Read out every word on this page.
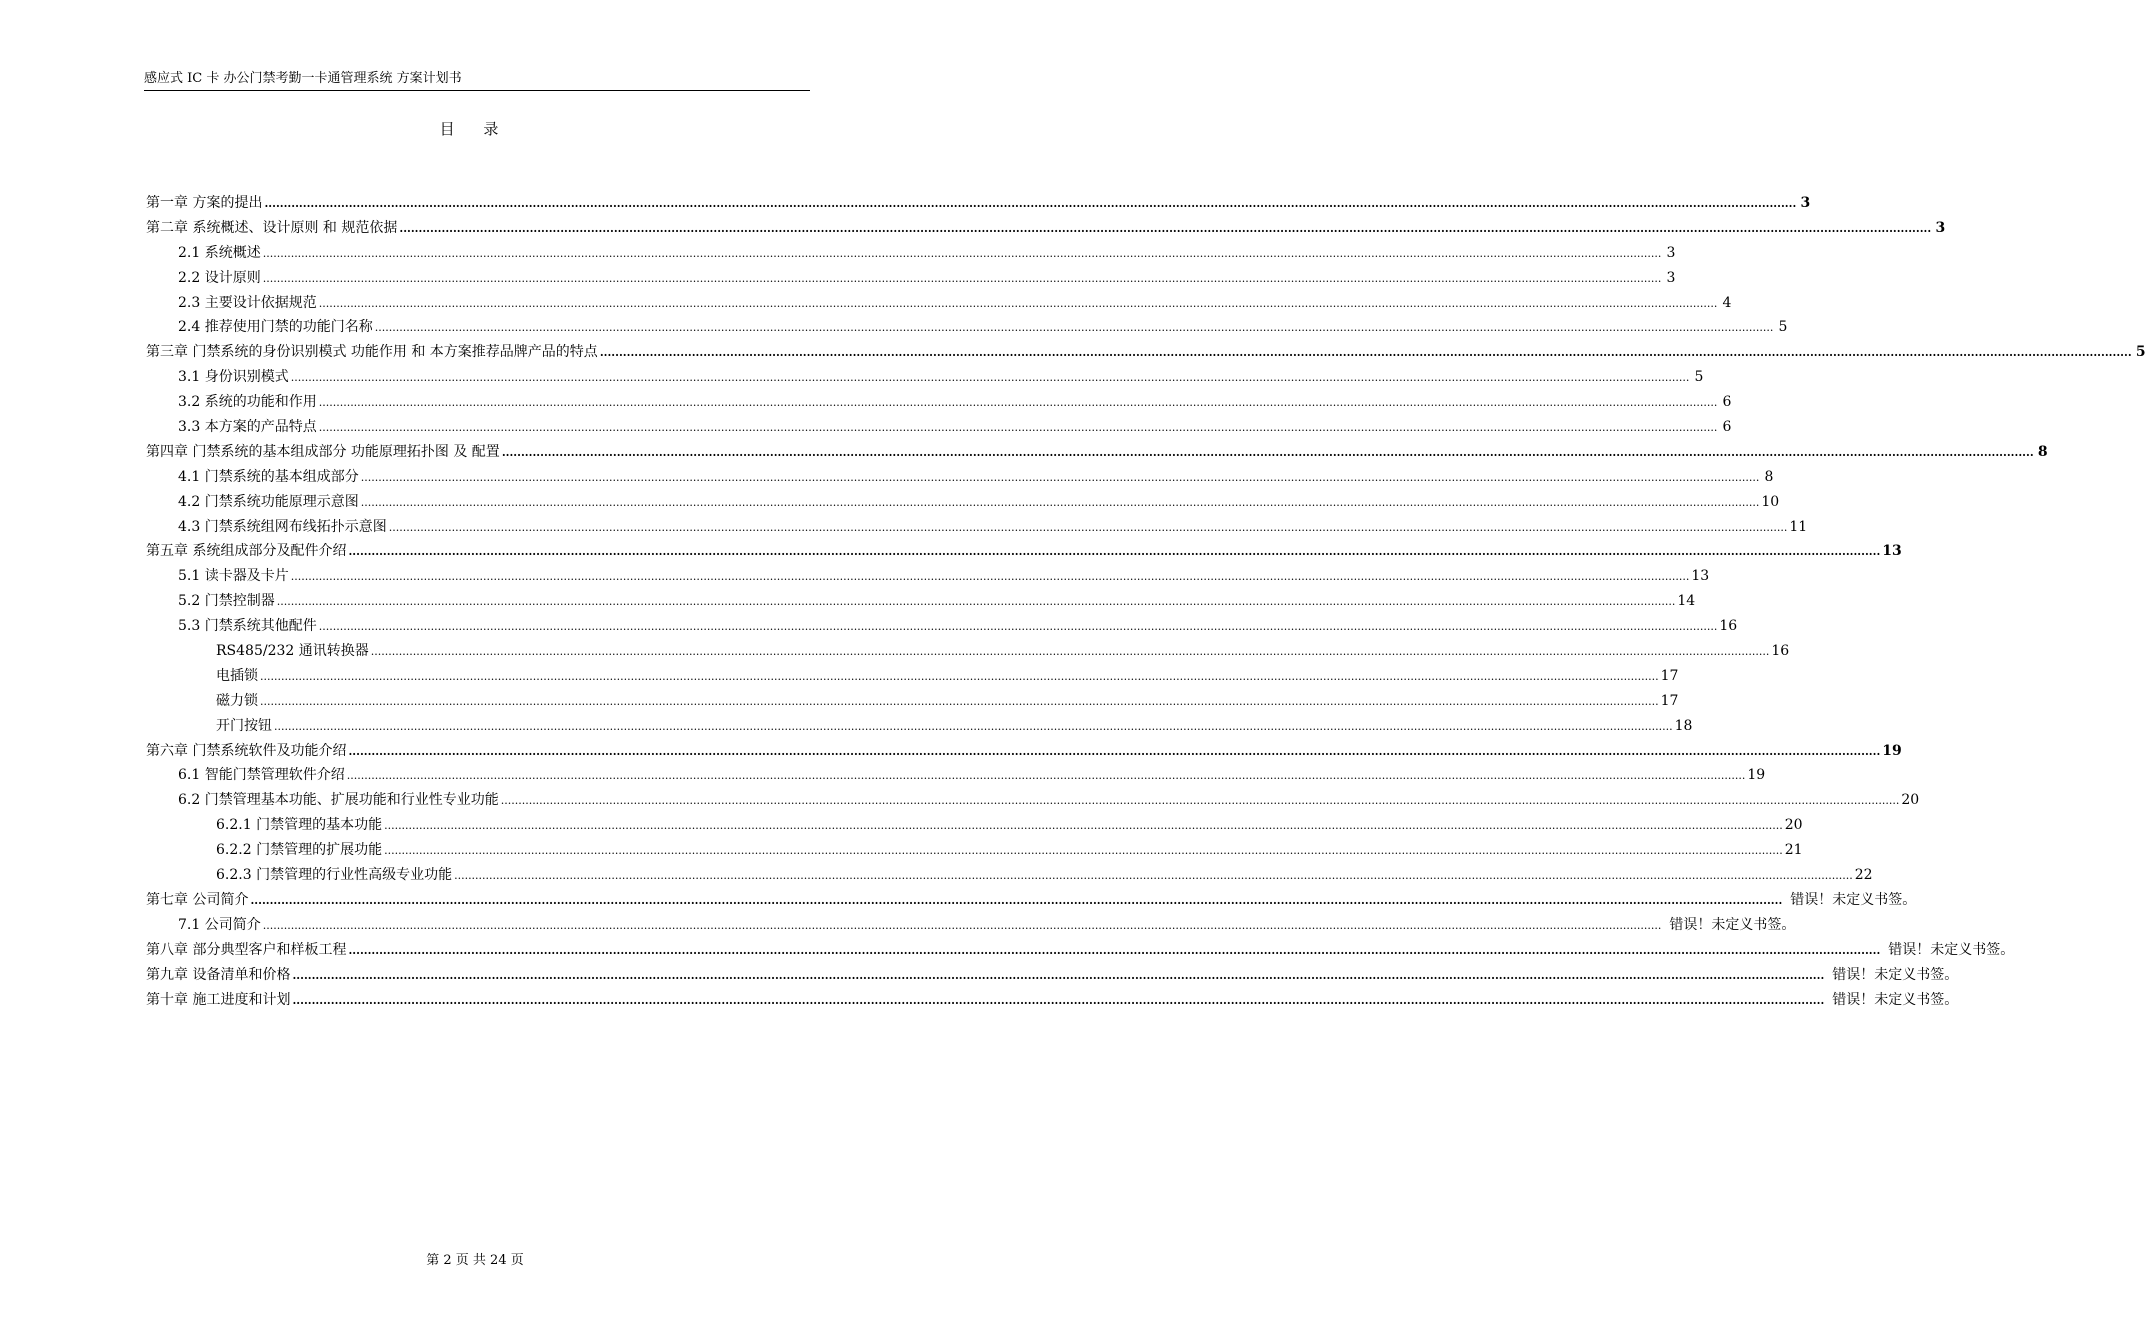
感应式 IC 卡 办公门禁考勤一卡通管理系统 方案计划书
目 录
第一章 方案的提出 ................................................................................................................................................................................................................................................................................................................................................................................................................ 3
第二章 系统概述、设计原则 和 规范依据 ................................................................................................................................................................................................................................................................................................................................................................................................................ 3
2.1 系统概述 ................................................................................................................................................................................................................................................................................................................................................................................................................ 3
2.2 设计原则 ................................................................................................................................................................................................................................................................................................................................................................................................................ 3
2.3 主要设计依据规范 ................................................................................................................................................................................................................................................................................................................................................................................................................ 4
2.4 推荐使用门禁的功能门名称 ................................................................................................................................................................................................................................................................................................................................................................................................................ 5
第三章 门禁系统的身份识别模式 功能作用 和 本方案推荐品牌产品的特点 ................................................................................................................................................................................................................................................................................................................................................................................................................ 5
3.1 身份识别模式 ................................................................................................................................................................................................................................................................................................................................................................................................................ 5
3.2 系统的功能和作用 ................................................................................................................................................................................................................................................................................................................................................................................................................ 6
3.3 本方案的产品特点 ................................................................................................................................................................................................................................................................................................................................................................................................................ 6
第四章 门禁系统的基本组成部分 功能原理拓扑图 及 配置 ................................................................................................................................................................................................................................................................................................................................................................................................................ 8
4.1 门禁系统的基本组成部分 ................................................................................................................................................................................................................................................................................................................................................................................................................ 8
4.2 门禁系统功能原理示意图 ................................................................................................................................................................................................................................................................................................................................................................................................................ 10
4.3 门禁系统组网布线拓扑示意图 ................................................................................................................................................................................................................................................................................................................................................................................................................ 11
第五章 系统组成部分及配件介绍 ................................................................................................................................................................................................................................................................................................................................................................................................................ 13
5.1 读卡器及卡片 ................................................................................................................................................................................................................................................................................................................................................................................................................ 13
5.2 门禁控制器 ................................................................................................................................................................................................................................................................................................................................................................................................................ 14
5.3 门禁系统其他配件 ................................................................................................................................................................................................................................................................................................................................................................................................................ 16
RS485/232 通讯转换器 ................................................................................................................................................................................................................................................................................................................................................................................................................ 16
电插锁 ................................................................................................................................................................................................................................................................................................................................................................................................................ 17
磁力锁 ................................................................................................................................................................................................................................................................................................................................................................................................................ 17
开门按钮 ................................................................................................................................................................................................................................................................................................................................................................................................................ 18
第六章 门禁系统软件及功能介绍 ................................................................................................................................................................................................................................................................................................................................................................................................................ 19
6.1 智能门禁管理软件介绍 ................................................................................................................................................................................................................................................................................................................................................................................................................ 19
6.2 门禁管理基本功能、扩展功能和行业性专业功能 ................................................................................................................................................................................................................................................................................................................................................................................................................ 20
6.2.1 门禁管理的基本功能 ................................................................................................................................................................................................................................................................................................................................................................................................................ 20
6.2.2 门禁管理的扩展功能 ................................................................................................................................................................................................................................................................................................................................................................................................................ 21
6.2.3 门禁管理的行业性高级专业功能 ................................................................................................................................................................................................................................................................................................................................................................................................................ 22
第七章 公司简介 ................................................................................................................................................................................................................................................................................................................................................................................................................ 错误！未定义书签。
7.1 公司简介 ................................................................................................................................................................................................................................................................................................................................................................................................................ 错误！未定义书签。
第八章 部分典型客户和样板工程 ................................................................................................................................................................................................................................................................................................................................................................................................................ 错误！未定义书签。
第九章 设备清单和价格 ................................................................................................................................................................................................................................................................................................................................................................................................................ 错误！未定义书签。
第十章 施工进度和计划 ................................................................................................................................................................................................................................................................................................................................................................................................................ 错误！未定义书签。
第 2 页 共 24 页
